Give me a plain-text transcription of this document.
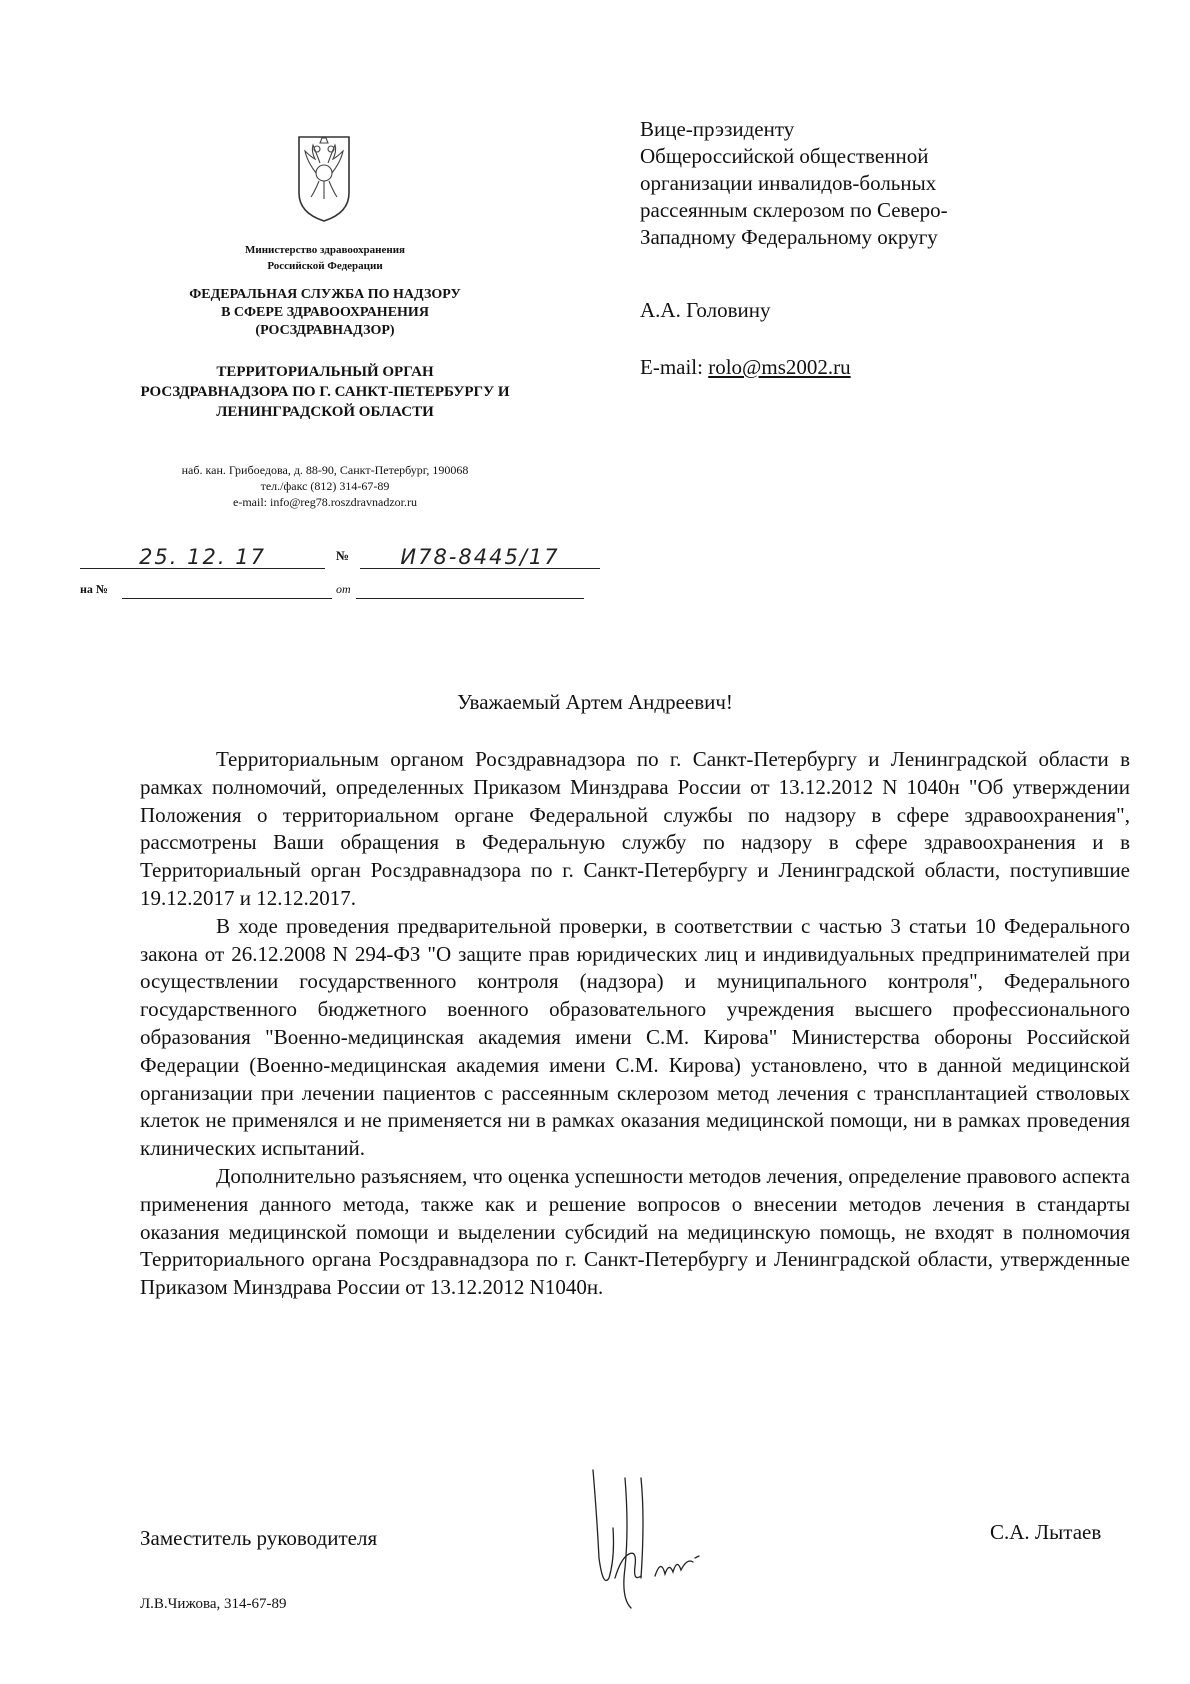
Министерство здравоохранения
Российской Федерации
ФЕДЕРАЛЬНАЯ СЛУЖБА ПО НАДЗОРУ
В СФЕРЕ ЗДРАВООХРАНЕНИЯ
(РОСЗДРАВНАДЗОР)
ТЕРРИТОРИАЛЬНЫЙ ОРГАН
РОСЗДРАВНАДЗОРА ПО Г. САНКТ-ПЕТЕРБУРГУ И
ЛЕНИНГРАДСКОЙ ОБЛАСТИ
наб. кан. Грибоедова, д. 88-90, Санкт-Петербург, 190068
тел./факс (812) 314-67-89
e-mail: info@reg78.roszdravnadzor.ru
25. 12. 17	№	И78-8445/17
на №	от
Вице-прэзиденту
Общероссийской общественной
организации инвалидов-больных
рассеянным склерозом по Северо-
Западному Федеральному округу
А.А. Головину
E-mail: rolo@ms2002.ru
Уважаемый Артем Андреевич!

Территориальным органом Росздравнадзора по г. Санкт-Петербургу и Ленинградской области в рамках полномочий, определенных Приказом Минздрава России от 13.12.2012 N 1040н "Об утверждении Положения о территориальном органе Федеральной службы по надзору в сфере здравоохранения", рассмотрены Ваши обращения в Федеральную службу по надзору в сфере здравоохранения и в Территориальный орган Росздравнадзора по г. Санкт-Петербургу и Ленинградской области, поступившие 19.12.2017 и 12.12.2017.

В ходе проведения предварительной проверки, в соответствии с частью 3 статьи 10 Федерального закона от 26.12.2008 N 294-ФЗ "О защите прав юридических лиц и индивидуальных предпринимателей при осуществлении государственного контроля (надзора) и муниципального контроля", Федерального государственного бюджетного военного образовательного учреждения высшего профессионального образования "Военно-медицинская академия имени С.М. Кирова" Министерства обороны Российской Федерации (Военно-медицинская академия имени С.М. Кирова) установлено, что в данной медицинской организации при лечении пациентов с рассеянным склерозом метод лечения с трансплантацией стволовых клеток не применялся и не применяется ни в рамках оказания медицинской помощи, ни в рамках проведения клинических испытаний.

Дополнительно разъясняем, что оценка успешности методов лечения, определение правового аспекта применения данного метода, также как и решение вопросов о внесении методов лечения в стандарты оказания медицинской помощи и выделении субсидий на медицинскую помощь, не входят в полномочия Территориального органа Росздравнадзора по г. Санкт-Петербургу и Ленинградской области, утвержденные Приказом Минздрава России от 13.12.2012 N1040н.

Заместитель руководителя	С.А. Лытаев
Л.В.Чижова, 314-67-89
